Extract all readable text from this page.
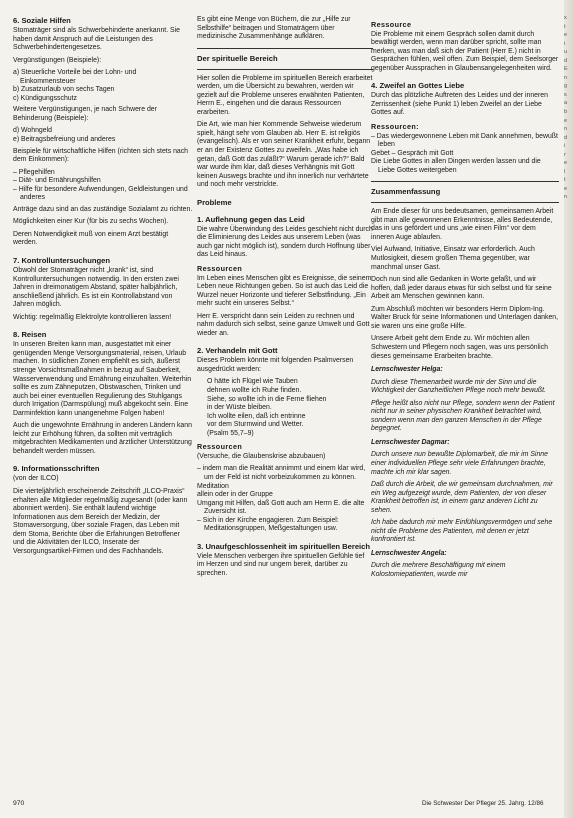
6. Soziale Hilfen

Stomaträger sind als Schwerbehinderte anerkannt. Sie haben damit Anspruch auf die Leistungen des Schwerbehindertengesetzes.

Vergünstigungen (Beispiele):

a) Steuerliche Vorteile bei der Lohn- und Einkommensteuer
b) Zusatzurlaub von sechs Tagen
c) Kündigungsschutz

Weitere Vergünstigungen, je nach Schwere der Behinderung (Beispiele):

d) Wohngeld
e) Beitragsbefreiung und anderes

Beispiele für wirtschaftliche Hilfen (richten sich stets nach dem Einkommen):

– Pflegehilfen
– Diät- und Ernährungshilfen
– Hilfe für besondere Aufwendungen, Geldleistungen und anderes

Anträge dazu sind an das zuständige Sozialamt zu richten.

Möglichkeiten einer Kur (für bis zu sechs Wochen).

Deren Notwendigkeit muß von einem Arzt bestätigt werden.

7. Kontrolluntersuchungen

Obwohl der Stomaträger nicht „krank“ ist, sind Kontrolluntersuchungen notwendig. In den ersten zwei Jahren in dreimonatigem Abstand, später halbjährlich, anschließend jährlich. Es ist ein Kontrollabstand von Jahren möglich.

Wichtig: regelmäßig Elektrolyte kontrollieren lassen!

8. Reisen

In unseren Breiten kann man, ausgestattet mit einer genügenden Menge Versorgungsmaterial, reisen, Urlaub machen. In südlichen Zonen empfiehlt es sich, äußerst strenge Vorsichtsmaßnahmen in bezug auf Sauberkeit, Wasserverwendung und Ernährung einzuhalten. Weiterhin sollte es zum Zähneputzen, Obstwaschen, Trinken und auch bei einer eventuellen Regulierung des Stuhlgangs durch Irrigation (Darmspülung) muß abgekocht sein. Eine Darminfektion kann unangenehme Folgen haben!

Auch die ungewohnte Ernährung in anderen Ländern kann leicht zur Erhöhung führen, da sollten mit verträglich mitgebrachten Medikamenten und ärztlicher Unterstützung behandelt werden müssen.

9. Informationsschriften

(von der ILCO)

Die vierteljährlich erscheinende Zeitschrift „ILCO-Praxis“ erhalten alle Mitglieder regelmäßig zugesandt (oder kann abonniert werden). Sie enthält laufend wichtige Informationen aus dem Bereich der Medizin, der Stomaversorgung, über soziale Fragen, das Leben mit dem Stoma, Berichte über die Erfahrungen Betroffener und die Aktivitäten der ILCO, Inserate der Versorgungsartikel-Firmen und des Fachhandels.

Es gibt eine Menge von Büchern, die zur „Hilfe zur Selbsthilfe“ beitragen und Stomaträgern über medizinische Zusammenhänge aufklären.

Der spirituelle Bereich

Hier sollen die Probleme im spirituellen Bereich erarbeitet werden, um die Übersicht zu bewahren, werden wir gezielt auf die Probleme unseres erwähnten Patienten, Herrn E., eingehen und die daraus Ressourcen erarbeiten.

Die Art, wie man hier Kommende Sehweise wiederum spielt, hängt sehr vom Glauben ab. Herr E. ist religiös (evangelisch). Als er von seiner Krankheit erfuhr, begann er an der Existenz Gottes zu zweifeln. „Was habe ich getan, daß Gott das zuläßt?“ Warum gerade ich?“ Bald war wurde ihm klar, daß dieses Verhängnis mit Gott keinen Auswegs brachte und ihn innerlich nur verhärtete und noch mehr verstrickte.

Probleme
1. Auflehnung gegen das Leid

Die wahre Überwindung des Leides geschieht nicht durch die Eliminierung des Leides aus unserem Leben (was auch gar nicht möglich ist), sondern durch Hoffnung über das Leid hinaus.

Ressourcen

Im Leben eines Menschen gibt es Ereignisse, die seinem Leben neue Richtungen geben. So ist auch das Leid die Wurzel neuer Horizonte und tieferer Selbstfindung. „Ein mehr sucht ein unseres Selbst.“

Herr E. verspricht dann sein Leiden zu rechnen und nahm dadurch sich selbst, seine ganze Umwelt und Gott wieder an.

2. Verhandeln mit Gott

Dieses Problem könnte mit folgenden Psalmversen ausgedrückt werden:

O hätte ich Flügel wie Tauben
dehnen wollte ich Ruhe finden.
Siehe, so wollte ich in die Ferne fliehen
in der Wüste bleiben.
Ich wollte eilen, daß ich entrinne
vor dem Sturmwind und Wetter.
(Psalm 55,7–9)
Ressourcen

(Versuche, die Glaubenskrise abzubauen)

– indem man die Realität annimmt und einem klar wird, um der Feld ist nicht vorbeizukommen zu können.
Meditation
allein oder in der Gruppe
Umgang mit Hilfen, daß Gott auch am Herrn E. die alte Zuversicht ist.
– Sich in der Kirche engagieren. Zum Beispiel: Meditationsgruppen, Meßgestaltungen usw.
3. Unaufgeschlossenheit im spirituellen Bereich

Viele Menschen verbergen ihre spirituellen Gefühle tief im Herzen und sind nur ungern bereit, darüber zu sprechen.

Ressource

Die Probleme mit einem Gespräch sollen damit durch bewältigt werden, wenn man darüber spricht, sollte man merken, was man daß sich der Patient (Herr E.) nicht in Gesprächen fühlen, weil offen. Zum Beispiel, dem Seelsorger gegenüber Aussprachen in Glaubensangelegenheiten wird.

4. Zweifel an Gottes Liebe

Durch das plötzliche Auftreten des Leides und der inneren Zerrissenheit (siehe Punkt 1) leben Zweifel an der Liebe Gottes auf.

Ressourcen:
– Das wiedergewonnene Leben mit Dank annehmen, bewußt leben
Gebet – Gespräch mit Gott
Die Liebe Gottes in allen Dingen werden lassen und die Liebe Gottes weitergeben
Zusammenfassung

Am Ende dieser für uns bedeutsamen, gemeinsamen Arbeit gibt man alle gewonnenen Erkenntnisse, alles Bedeutende, das in uns gefördert und uns „wie einen Film“ vor dem inneren Auge ablaufen.

Viel Aufwand, Initiative, Einsatz war erforderlich. Auch Mutlosigkeit, diesem großen Thema gegenüber, war manchmal unser Gast.

Doch nun sind alle Gedanken in Worte gefaßt, und wir hoffen, daß jeder daraus etwas für sich selbst und für seine Arbeit am Menschen gewinnen kann.

Zum Abschluß möchten wir besonders Herrn Diplom-Ing. Walter Bruck für seine Informationen und Unterlagen danken, sie waren uns eine große Hilfe.

Unsere Arbeit geht dem Ende zu. Wir möchten allen Schwestern und Pflegern noch sagen, was uns persönlich dieses gemeinsame Erarbeiten brachte.

Lernschwester Helga:

Durch diese Themenarbeit wurde mir der Sinn und die Wichtigkeit der Ganzheitlichen Pflege noch mehr bewußt.

Pflege heißt also nicht nur Pflege, sondern wenn der Patient nicht nur in seiner physischen Krankheit betrachtet wird, sondern wenn man den ganzen Menschen in der Pflege begegnet.

Lernschwester Dagmar:

Durch unsere nun bewußte Diplomarbeit, die mir im Sinne einer individuellen Pflege sehr viele Erfahrungen brachte, machte ich mir klar sagen.

Daß durch die Arbeit, die wir gemeinsam durchnahmen, mir ein Weg aufgezeigt wurde, dem Patienten, der von dieser Krankheit betroffen ist, in einem ganz anderen Licht zu sehen.

Ich habe dadurch mir mehr Einfühlungsvermögen und sehe nicht die Probleme des Patienten, mit denen er jetzt konfrontiert ist.

Lernschwester Angela:

Durch die mehrere Beschäftigung mit einem Kolostomiepatienten, wurde mir

970	Die Schwester Der Pfleger 25. Jahrg. 12/86
x
t
e
i
u
d
E
n
g
s
a
b
e
n
d
i
r
e
l
t
e
n
